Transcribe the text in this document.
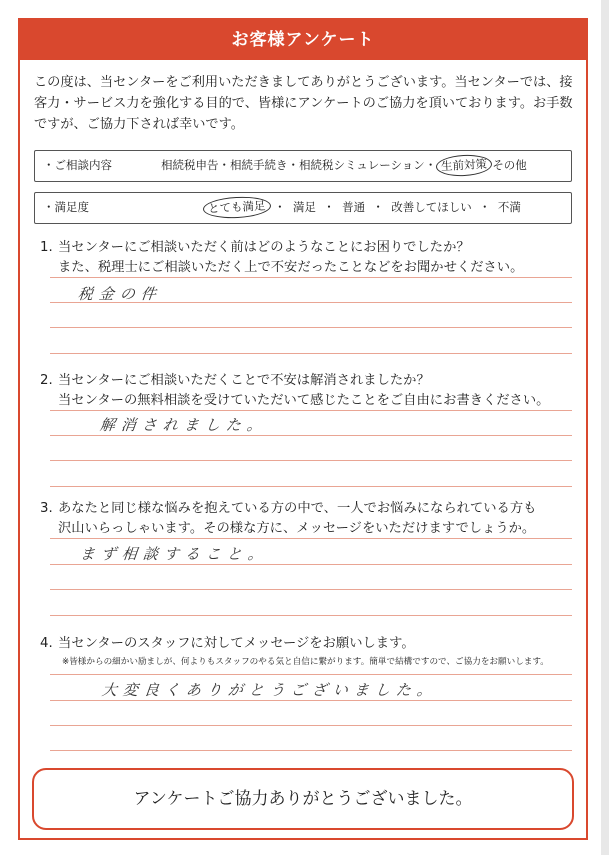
お客様アンケート
この度は、当センターをご利用いただきましてありがとうございます。当センターでは、接客力・サービス力を強化する目的で、皆様にアンケートのご協力を頂いております。お手数ですが、ご協力下されば幸いです。
・ご相談内容	相続税申告・相続手続き・相続税シミュレーション・ 生前対策 その他
・満足度	とても満足 ・ 満足 ・ 普通 ・ 改善してほしい ・ 不満
1. 当センターにご相談いただく前はどのようなことにお困りでしたか？
また、税理士にご相談いただく上で不安だったことなどをお聞かせください。
税金の件
2. 当センターにご相談いただくことで不安は解消されましたか？
当センターの無料相談を受けていただいて感じたことをご自由にお書きください。
解消されました。
3. あなたと同じ様な悩みを抱えている方の中で、一人でお悩みになられている方も
沢山いらっしゃいます。その様な方に、メッセージをいただけますでしょうか。
まず相談すること。
4. 当センターのスタッフに対してメッセージをお願いします。
※皆様からの細かい励ましが、何よりもスタッフのやる気と自信に繋がります。簡単で結構ですので、ご協力をお願いします。
大変良くありがとうございました。
アンケートご協力ありがとうございました。
